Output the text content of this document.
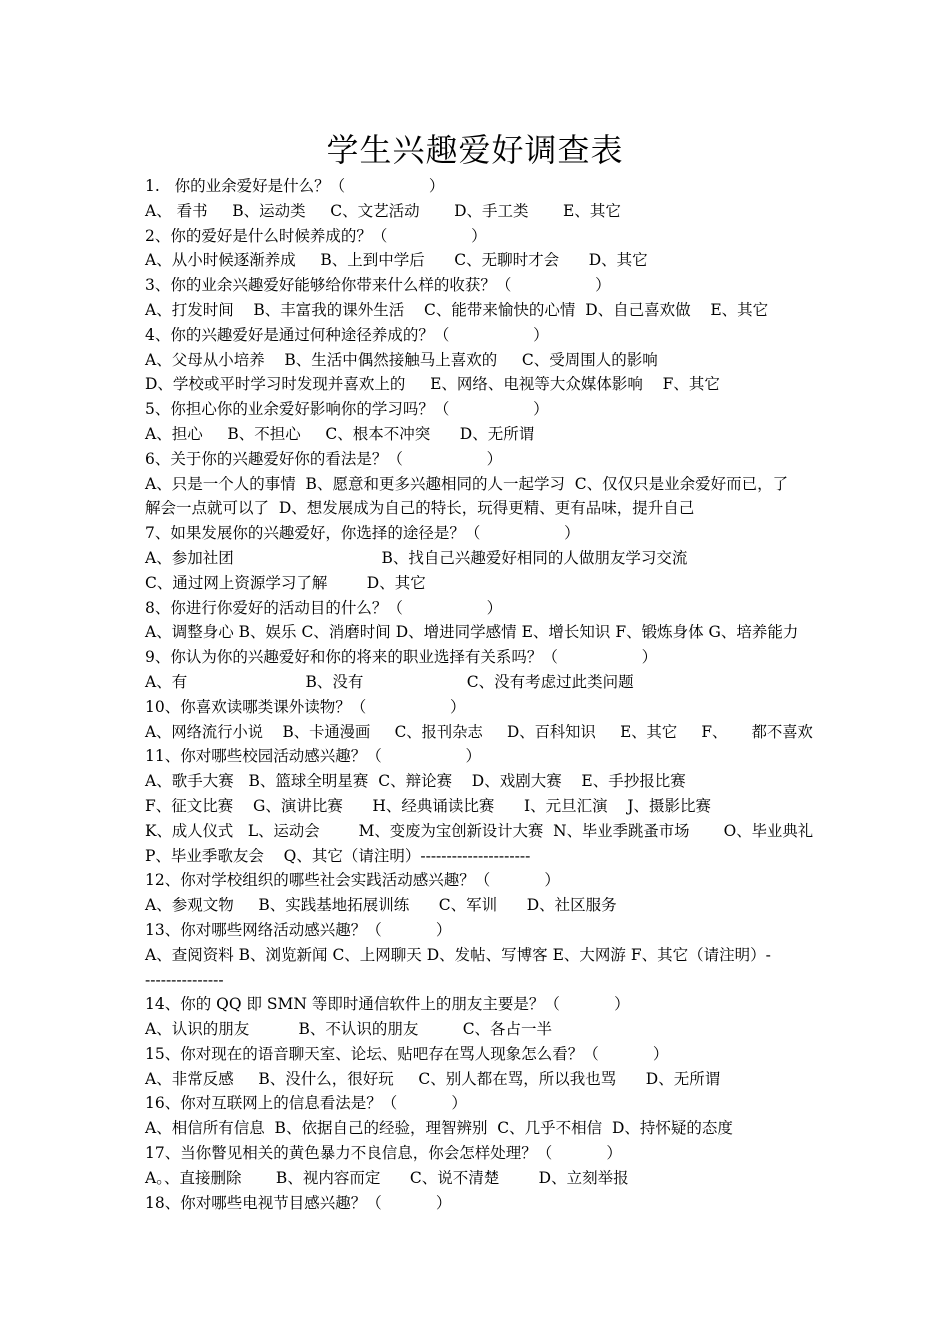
学生兴趣爱好调查表
1.   你的业余爱好是什么？（                 ）
A、 看书     B、运动类     C、文艺活动       D、手工类       E、其它
2、你的爱好是什么时候养成的？（                 ）
A、从小时候逐渐养成     B、上到中学后      C、无聊时才会      D、其它
3、你的业余兴趣爱好能够给你带来什么样的收获？（                 ）
A、打发时间    B、丰富我的课外生活    C、能带来愉快的心情  D、自己喜欢做    E、其它
4、你的兴趣爱好是通过何种途径养成的？（                 ）
A、父母从小培养    B、生活中偶然接触马上喜欢的     C、受周围人的影响
D、学校或平时学习时发现并喜欢上的     E、网络、电视等大众媒体影响    F、其它
5、你担心你的业余爱好影响你的学习吗？（                 ）
A、担心     B、不担心     C、根本不冲突      D、无所谓
6、关于你的兴趣爱好你的看法是？（                 ）
A、只是一个人的事情  B、愿意和更多兴趣相同的人一起学习  C、仅仅只是业余爱好而已，了
解会一点就可以了  D、想发展成为自己的特长，玩得更精、更有品味，提升自己
7、如果发展你的兴趣爱好，你选择的途径是？（                 ）
A、参加社团                              B、找自己兴趣爱好相同的人做朋友学习交流
C、通过网上资源学习了解        D、其它
8、你进行你爱好的活动目的什么？（                 ）
A、调整身心 B、娱乐 C、消磨时间 D、增进同学感情 E、增长知识 F、锻炼身体 G、培养能力
9、你认为你的兴趣爱好和你的将来的职业选择有关系吗？（                 ）
A、有                        B、没有                     C、没有考虑过此类问题
10、你喜欢读哪类课外读物？（                 ）
A、网络流行小说    B、卡通漫画     C、报刊杂志     D、百科知识     E、其它     F、     都不喜欢
11、你对哪些校园活动感兴趣？（                 ）
A、歌手大赛   B、篮球全明星赛  C、辩论赛    D、戏剧大赛    E、手抄报比赛
F、征文比赛    G、演讲比赛      H、经典诵读比赛      I、元旦汇演    J、摄影比赛
K、成人仪式   L、运动会        M、变废为宝创新设计大赛  N、毕业季跳蚤市场       O、毕业典礼
P、毕业季歌友会    Q、其它（请注明）---------------------
12、你对学校组织的哪些社会实践活动感兴趣？（           ）
A、参观文物     B、实践基地拓展训练      C、军训      D、社区服务
13、你对哪些网络活动感兴趣？（           ）
A、查阅资料 B、浏览新闻 C、上网聊天 D、发帖、写博客 E、大网游 F、其它（请注明）-
---------------
14、你的 QQ 即 SMN 等即时通信软件上的朋友主要是？（           ）
A、认识的朋友          B、不认识的朋友         C、各占一半
15、你对现在的语音聊天室、论坛、贴吧存在骂人现象怎么看？（           ）
A、非常反感     B、没什么，很好玩     C、别人都在骂，所以我也骂      D、无所谓
16、你对互联网上的信息看法是？（           ）
A、相信所有信息  B、依据自己的经验，理智辨别  C、几乎不相信  D、持怀疑的态度
17、当你瞥见相关的黄色暴力不良信息，你会怎样处理？（           ）
A。、直接删除       B、视内容而定      C、说不清楚        D、立刻举报
18、你对哪些电视节目感兴趣？（           ）
